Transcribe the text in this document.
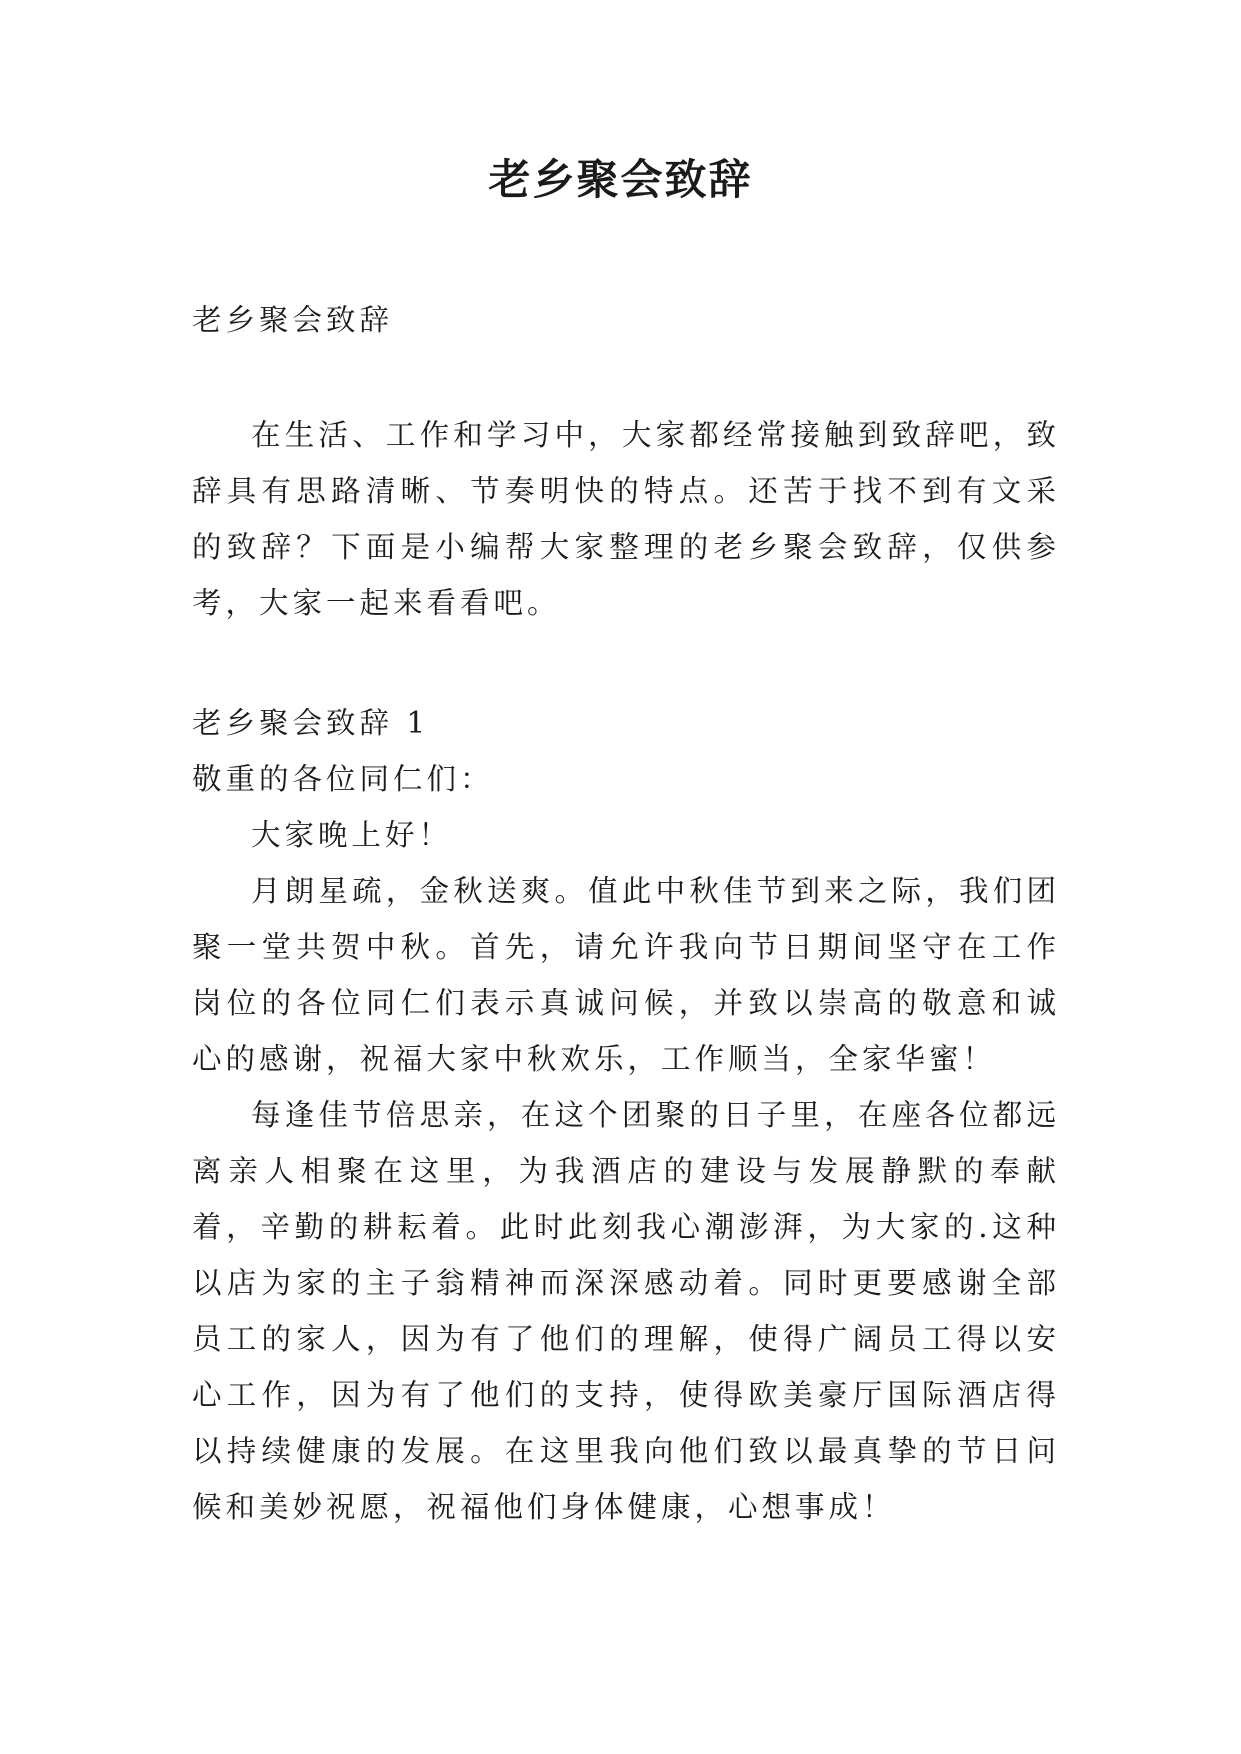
老乡聚会致辞

老乡聚会致辞

在生活、工作和学习中，大家都经常接触到致辞吧，致辞具有思路清晰、节奏明快的特点。还苦于找不到有文采的致辞？下面是小编帮大家整理的老乡聚会致辞，仅供参考，大家一起来看看吧。

老乡聚会致辞 1

敬重的各位同仁们：

大家晚上好！

月朗星疏，金秋送爽。值此中秋佳节到来之际，我们团聚一堂共贺中秋。首先，请允许我向节日期间坚守在工作岗位的各位同仁们表示真诚问候，并致以崇高的敬意和诚心的感谢，祝福大家中秋欢乐，工作顺当，全家华蜜！

每逢佳节倍思亲，在这个团聚的日子里，在座各位都远离亲人相聚在这里，为我酒店的建设与发展静默的奉献着，辛勤的耕耘着。此时此刻我心潮澎湃，为大家的.这种以店为家的主子翁精神而深深感动着。同时更要感谢全部员工的家人，因为有了他们的理解，使得广阔员工得以安心工作，因为有了他们的支持，使得欧美豪厅国际酒店得以持续健康的发展。在这里我向他们致以最真挚的节日问候和美妙祝愿，祝福他们身体健康，心想事成！
